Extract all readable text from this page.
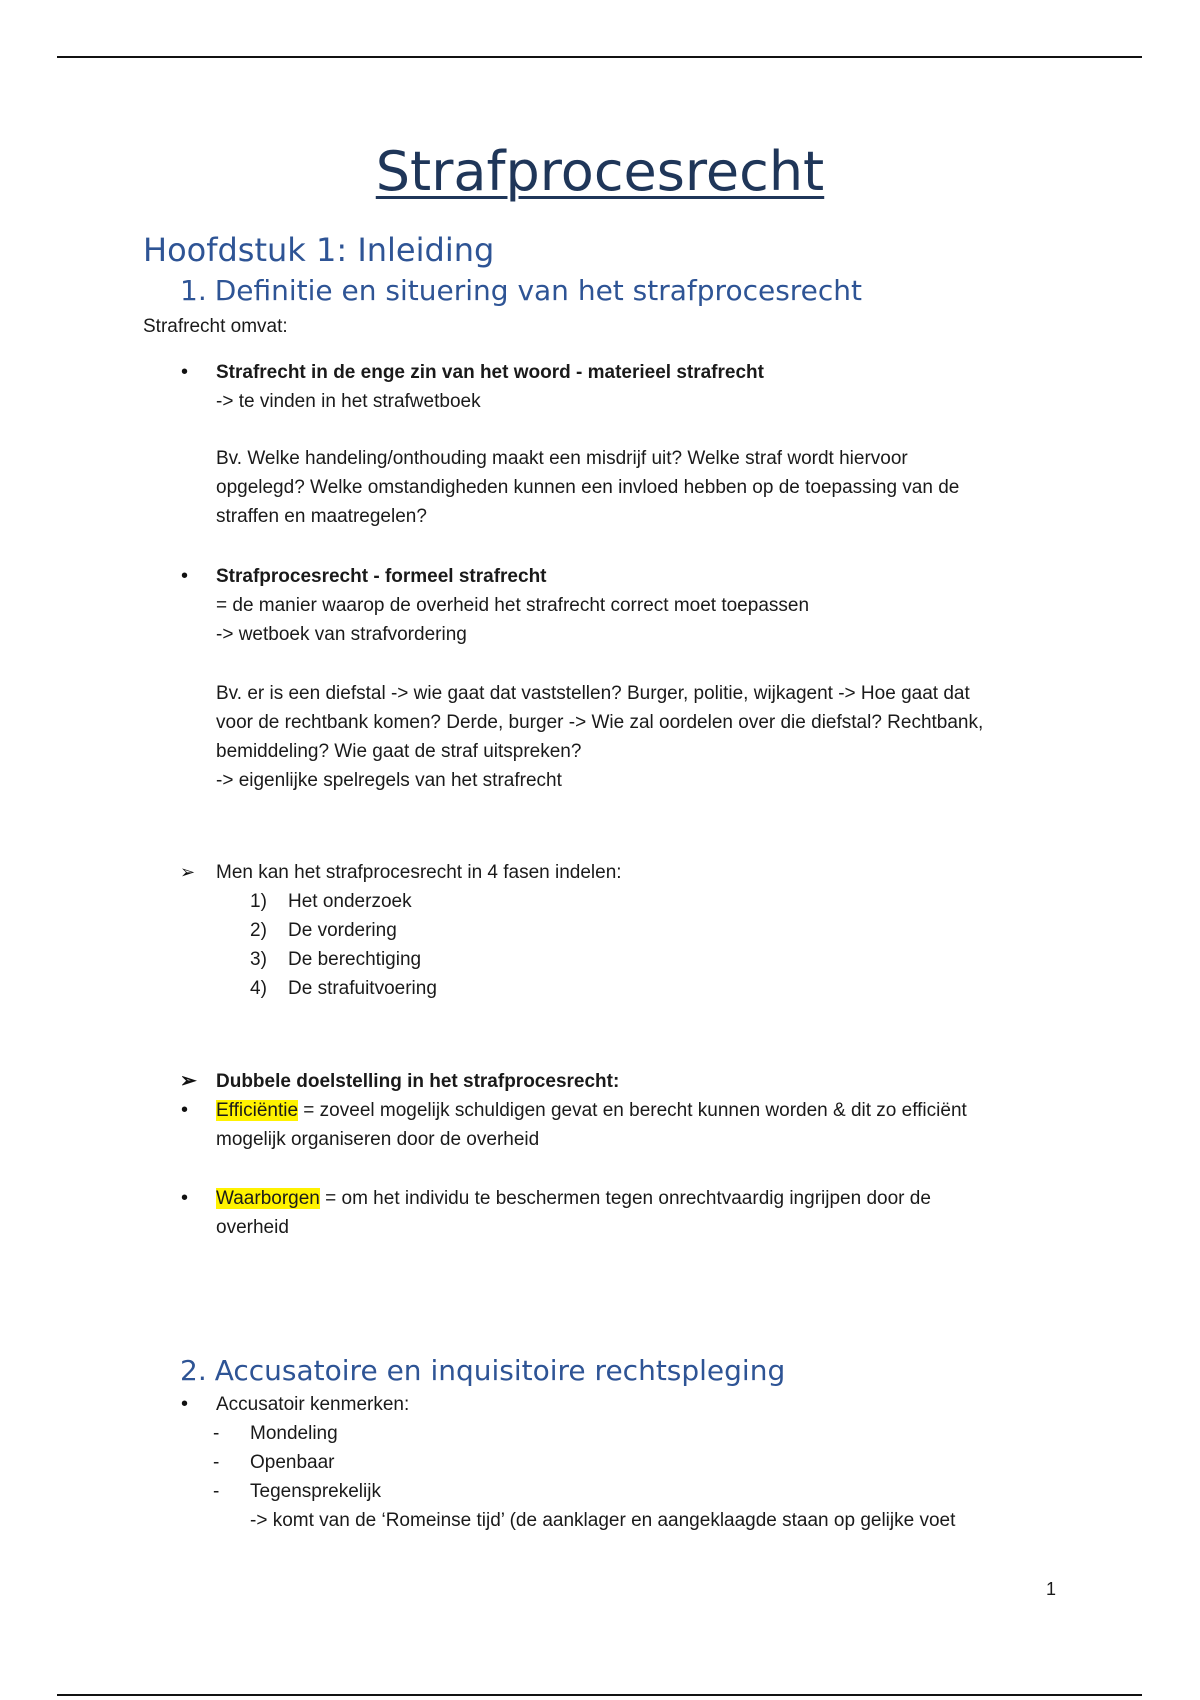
Strafprocesrecht
Hoofdstuk 1: Inleiding
1. Definitie en situering van het strafprocesrecht

Strafrecht omvat:

• Strafrecht in de enge zin van het woord - materieel strafrecht
-> te vinden in het strafwetboek
Bv. Welke handeling/onthouding maakt een misdrijf uit? Welke straf wordt hiervoor
opgelegd? Welke omstandigheden kunnen een invloed hebben op de toepassing van de
straffen en maatregelen?
• Strafprocesrecht - formeel strafrecht
= de manier waarop de overheid het strafrecht correct moet toepassen
-> wetboek van strafvordering
Bv. er is een diefstal -> wie gaat dat vaststellen? Burger, politie, wijkagent -> Hoe gaat dat
voor de rechtbank komen? Derde, burger -> Wie zal oordelen over die diefstal? Rechtbank,
bemiddeling? Wie gaat de straf uitspreken?
-> eigenlijke spelregels van het strafrecht
➢ Men kan het strafprocesrecht in 4 fasen indelen:
1) Het onderzoek
2) De vordering
3) De berechtiging
4) De strafuitvoering
➢ Dubbele doelstelling in het strafprocesrecht:
• Efficiëntie = zoveel mogelijk schuldigen gevat en berecht kunnen worden & dit zo efficiënt
mogelijk organiseren door de overheid
• Waarborgen = om het individu te beschermen tegen onrechtvaardig ingrijpen door de
overheid
2. Accusatoire en inquisitoire rechtspleging
• Accusatoir kenmerken:
- Mondeling
- Openbaar
- Tegensprekelijk
-> komt van de ‘Romeinse tijd’ (de aanklager en aangeklaagde staan op gelijke voet
1
